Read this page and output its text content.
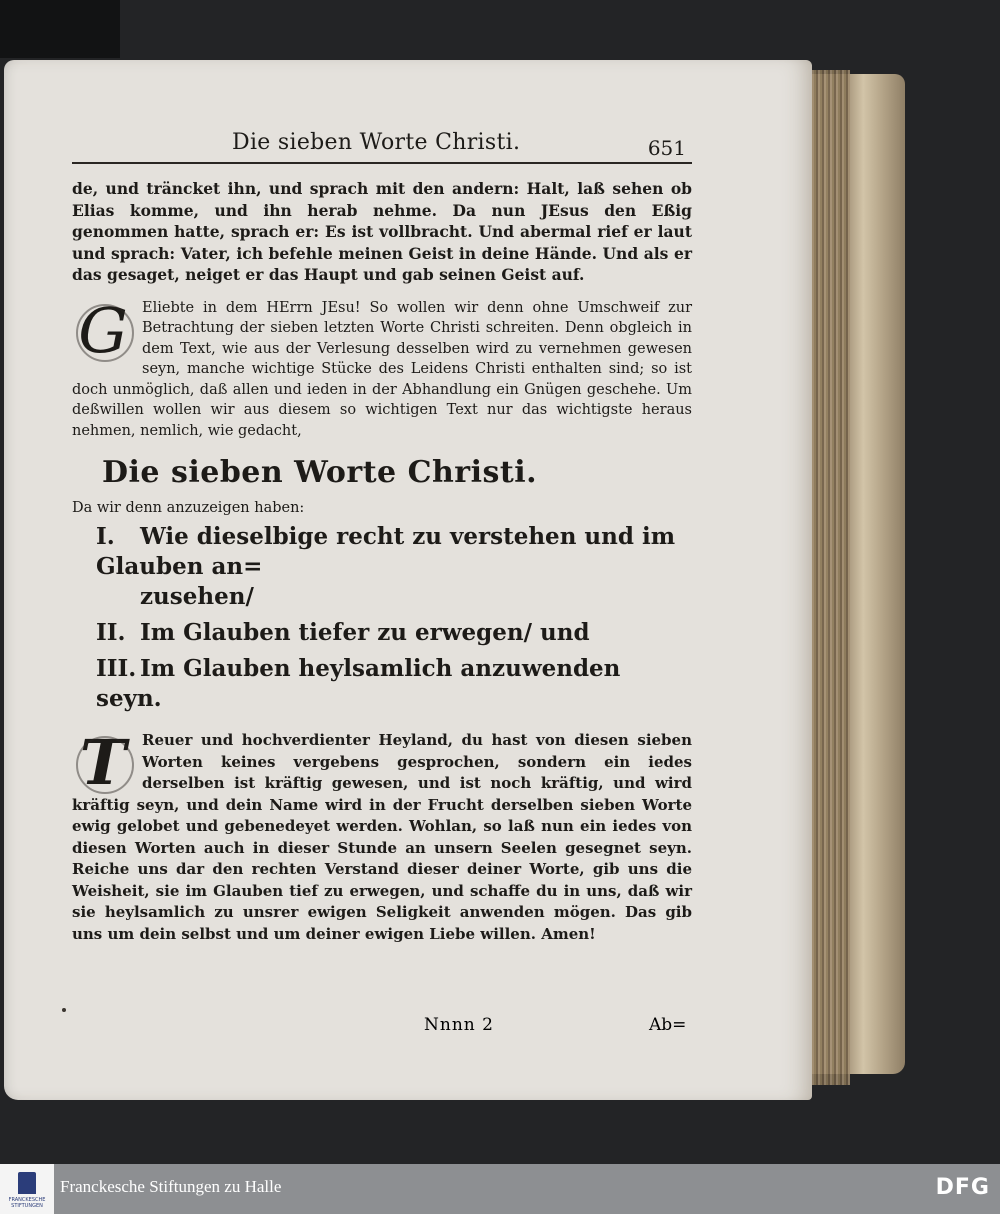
Die sieben Worte Christi.	651
de, und träncket ihn, und sprach mit den andern: Halt, laß sehen ob Elias komme, und ihn herab nehme. Da nun JEsus den Eßig genommen hatte, sprach er: Es ist vollbracht. Und abermal rief er laut und sprach: Vater, ich befehle meinen Geist in deine Hände. Und als er das gesaget, neiget er das Haupt und gab seinen Geist auf.
G Eliebte in dem HErrn JEsu! So wollen wir denn ohne Umschweif zur Betrachtung der sieben letzten Worte Christi schreiten. Denn obgleich in dem Text, wie aus der Verlesung desselben wird zu vernehmen gewesen seyn, manche wichtige Stücke des Leidens Christi enthalten sind; so ist doch unmöglich, daß allen und ieden in der Abhandlung ein Gnügen geschehe. Um deßwillen wollen wir aus diesem so wichtigen Text nur das wichtigste heraus nehmen, nemlich, wie gedacht,
Die sieben Worte Christi.
Da wir denn anzuzeigen haben:
I. Wie dieselbige recht zu verstehen und im Glauben an=
zusehen/
II. Im Glauben tiefer zu erwegen/ und
III. Im Glauben heylsamlich anzuwenden seyn.
T Reuer und hochverdienter Heyland, du hast von diesen sieben Worten keines vergebens gesprochen, sondern ein iedes derselben ist kräftig gewesen, und ist noch kräftig, und wird kräftig seyn, und dein Name wird in der Frucht derselben sieben Worte ewig gelobet und gebenedeyet werden. Wohlan, so laß nun ein iedes von diesen Worten auch in dieser Stunde an unsern Seelen gesegnet seyn. Reiche uns dar den rechten Verstand dieser deiner Worte, gib uns die Weisheit, sie im Glauben tief zu erwegen, und schaffe du in uns, daß wir sie heylsamlich zu unsrer ewigen Seligkeit anwenden mögen. Das gib uns um dein selbst und um deiner ewigen Liebe willen. Amen!
Nnnn 2	Ab=
FRANCKESCHE STIFTUNGEN
Franckesche Stiftungen zu Halle	DFG
